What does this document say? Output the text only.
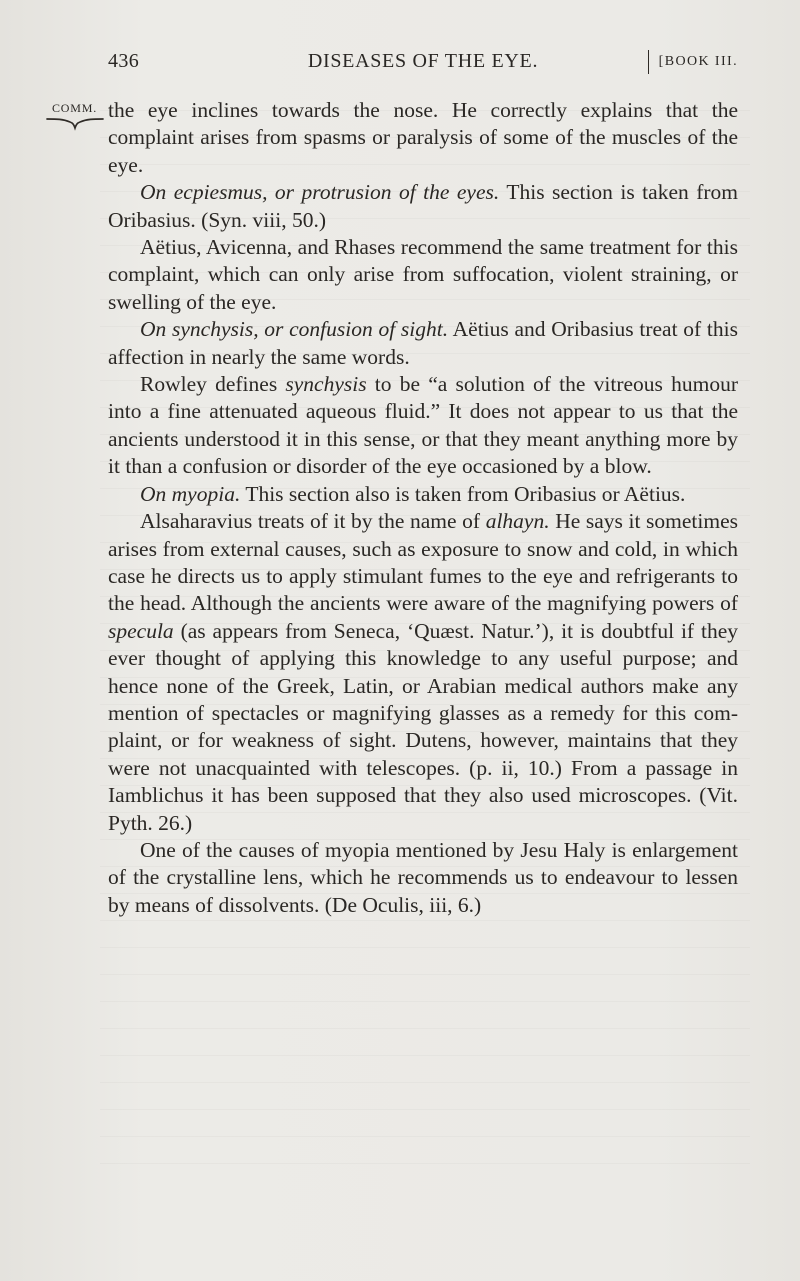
436	DISEASES OF THE EYE.	[BOOK III.
COMM. the eye inclines towards the nose. He correctly explains that the complaint arises from spasms or paralysis of some of the muscles of the eye.

On ecpiesmus, or protrusion of the eyes. This section is taken from Oribasius. (Syn. viii, 50.)

Aëtius, Avicenna, and Rhases recommend the same treatment for this complaint, which can only arise from suffocation, violent straining, or swelling of the eye.

On synchysis, or confusion of sight. Aëtius and Oribasius treat of this affection in nearly the same words.

Rowley defines synchysis to be “a solution of the vitreous humour into a fine attenuated aqueous fluid.” It does not appear to us that the ancients understood it in this sense, or that they meant anything more by it than a confusion or disorder of the eye occasioned by a blow.

On myopia. This section also is taken from Oribasius or Aëtius.

Alsaharavius treats of it by the name of alhayn. He says it sometimes arises from external causes, such as exposure to snow and cold, in which case he directs us to apply stimulant fumes to the eye and refrigerants to the head. Although the ancients were aware of the magnifying powers of specula (as appears from Seneca, ‘Quæst. Natur.’), it is doubtful if they ever thought of applying this knowledge to any useful purpose; and hence none of the Greek, Latin, or Arabian medical authors make any mention of spectacles or magnifying glasses as a remedy for this complaint, or for weakness of sight. Dutens, however, maintains that they were not unacquainted with telescopes. (p. ii, 10.) From a passage in Iamblichus it has been supposed that they also used microscopes. (Vit. Pyth. 26.)

One of the causes of myopia mentioned by Jesu Haly is enlargement of the crystalline lens, which he recommends us to endeavour to lessen by means of dissolvents. (De Oculis, iii, 6.)
